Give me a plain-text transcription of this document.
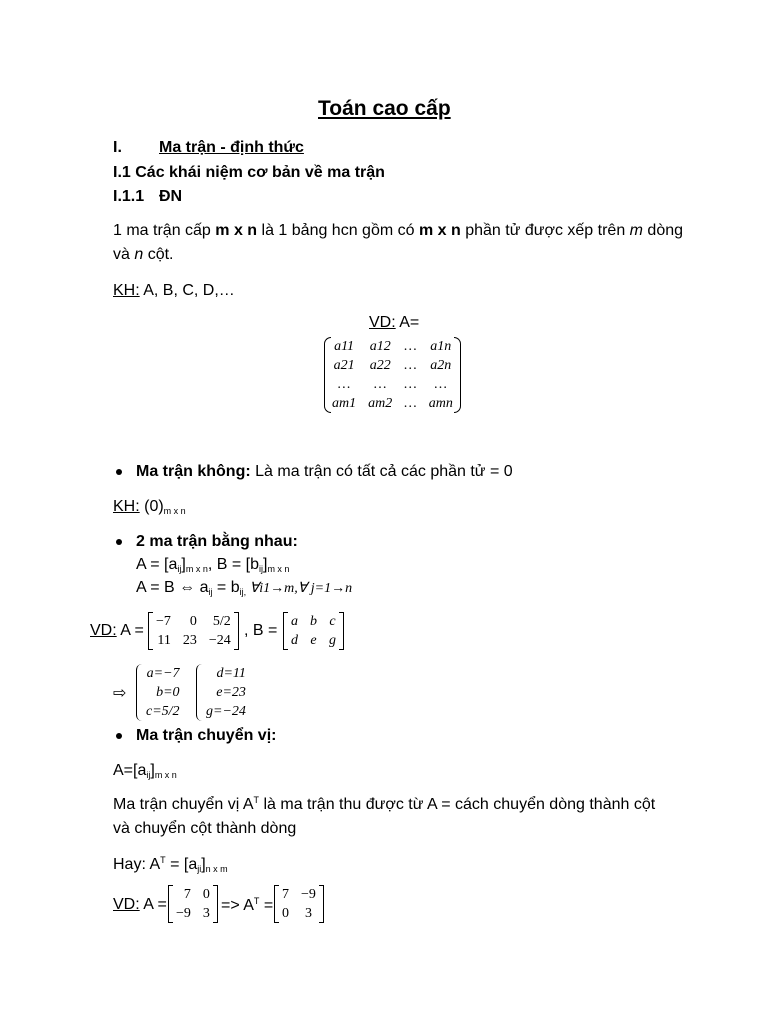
Toán cao cấp
I. Ma trận - định thức
I.1 Các khái niệm cơ bản về ma trận
I.1.1 ĐN
1 ma trận cấp m x n là 1 bảng hcn gồm có m x n phần tử được xếp trên m dòng
và n cột.
KH: A, B, C, D,…
VD: A=
a11	a12	…	a1n
a21	a22	…	a2n
…	…	…	…
am1	am2	…	amn
Ma trận không: Là ma trận có tất cả các phần tử = 0
KH: $(0)_{m x n}$
2 ma trận bằng nhau:
$A = [a_{ij}]_{m x n}$, $B = [b_{ij}]_{m x n}$
A = B ⇔ $a_{ij} = b_{ij,}$ ∀i1→m,∀ j=1→n
VD: A =
−7	0	5/2
11	23	−24
, B =
a	b	c
d	e	g
⇨
a=−7
b=0
c=5/2
d=11
e=23
g=−24
Ma trận chuyển vị:
$A=[a_{ij}]_{m x n}$
Ma trận chuyển vị $A^T$ là ma trận thu được từ A = cách chuyển dòng thành cột
và chuyển cột thành dòng
Hay: $A^T = [a_{ji}]_{n x m}$
VD: A =
7	0
−9	$3 => A^T$ =
7	−9
0	3
